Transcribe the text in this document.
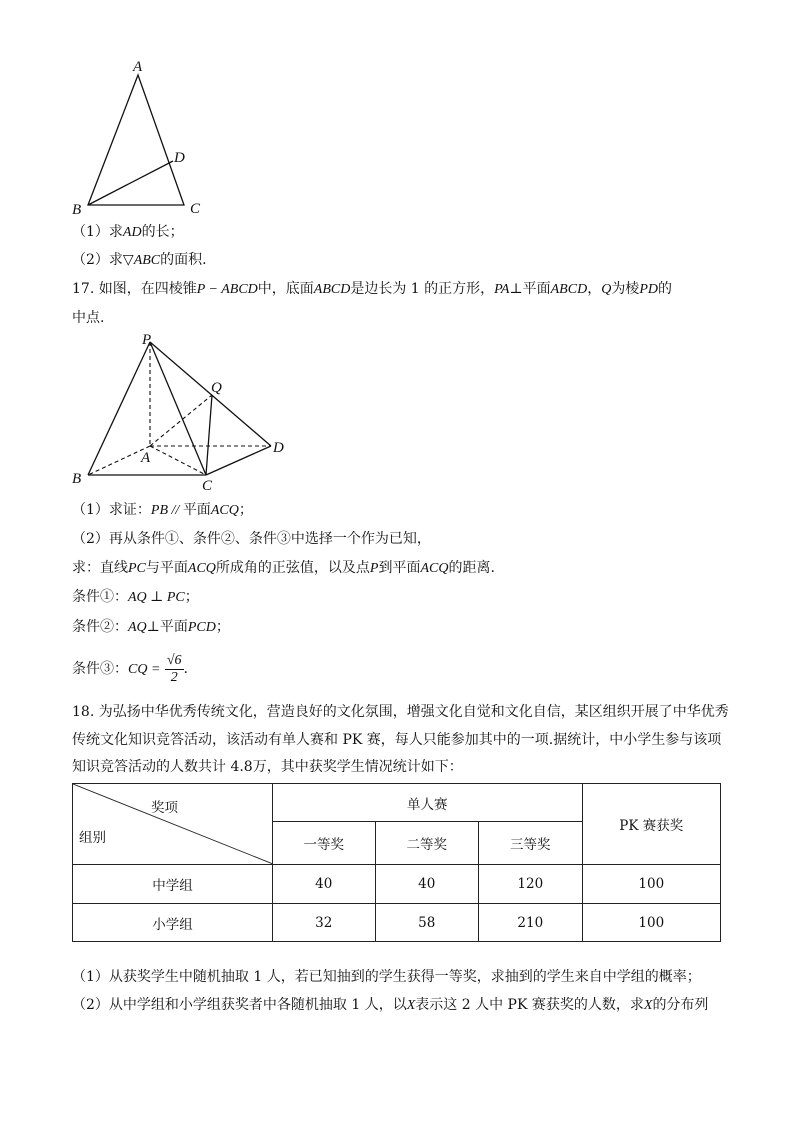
A
D
B	C
（1）求AD的长；
（2）求▽ABC的面积.
17. 如图，在四棱锥P − ABCD中，底面ABCD是边长为 1 的正方形，PA⊥平面ABCD，Q为棱PD的
中点.
P
Q
D
A
B	C
（1）求证：PB // 平面ACQ；
（2）再从条件①、条件②、条件③中选择一个作为已知，
求：直线PC与平面ACQ所成角的正弦值，以及点P到平面ACQ的距离.
条件①：AQ ⊥ PC；
条件②：AQ⊥平面PCD；
条件③：CQ = $\frac{√6}{2}$ .
18. 为弘扬中华优秀传统文化，营造良好的文化氛围，增强文化自觉和文化自信，某区组织开展了中华优秀
传统文化知识竞答活动，该活动有单人赛和 PK 赛，每人只能参加其中的一项.据统计，中小学生参与该项
知识竞答活动的人数共计 4.8万，其中获奖学生情况统计如下：
奖项
组别	单人赛			PK 赛获奖
	一等奖	二等奖	三等奖	
中学组	40	40	120	100
小学组	32	58	210	100
（1）从获奖学生中随机抽取 1 人，若已知抽到的学生获得一等奖，求抽到的学生来自中学组的概率；
（2）从中学组和小学组获奖者中各随机抽取 1 人，以X表示这 2 人中 PK 赛获奖的人数，求X的分布列
